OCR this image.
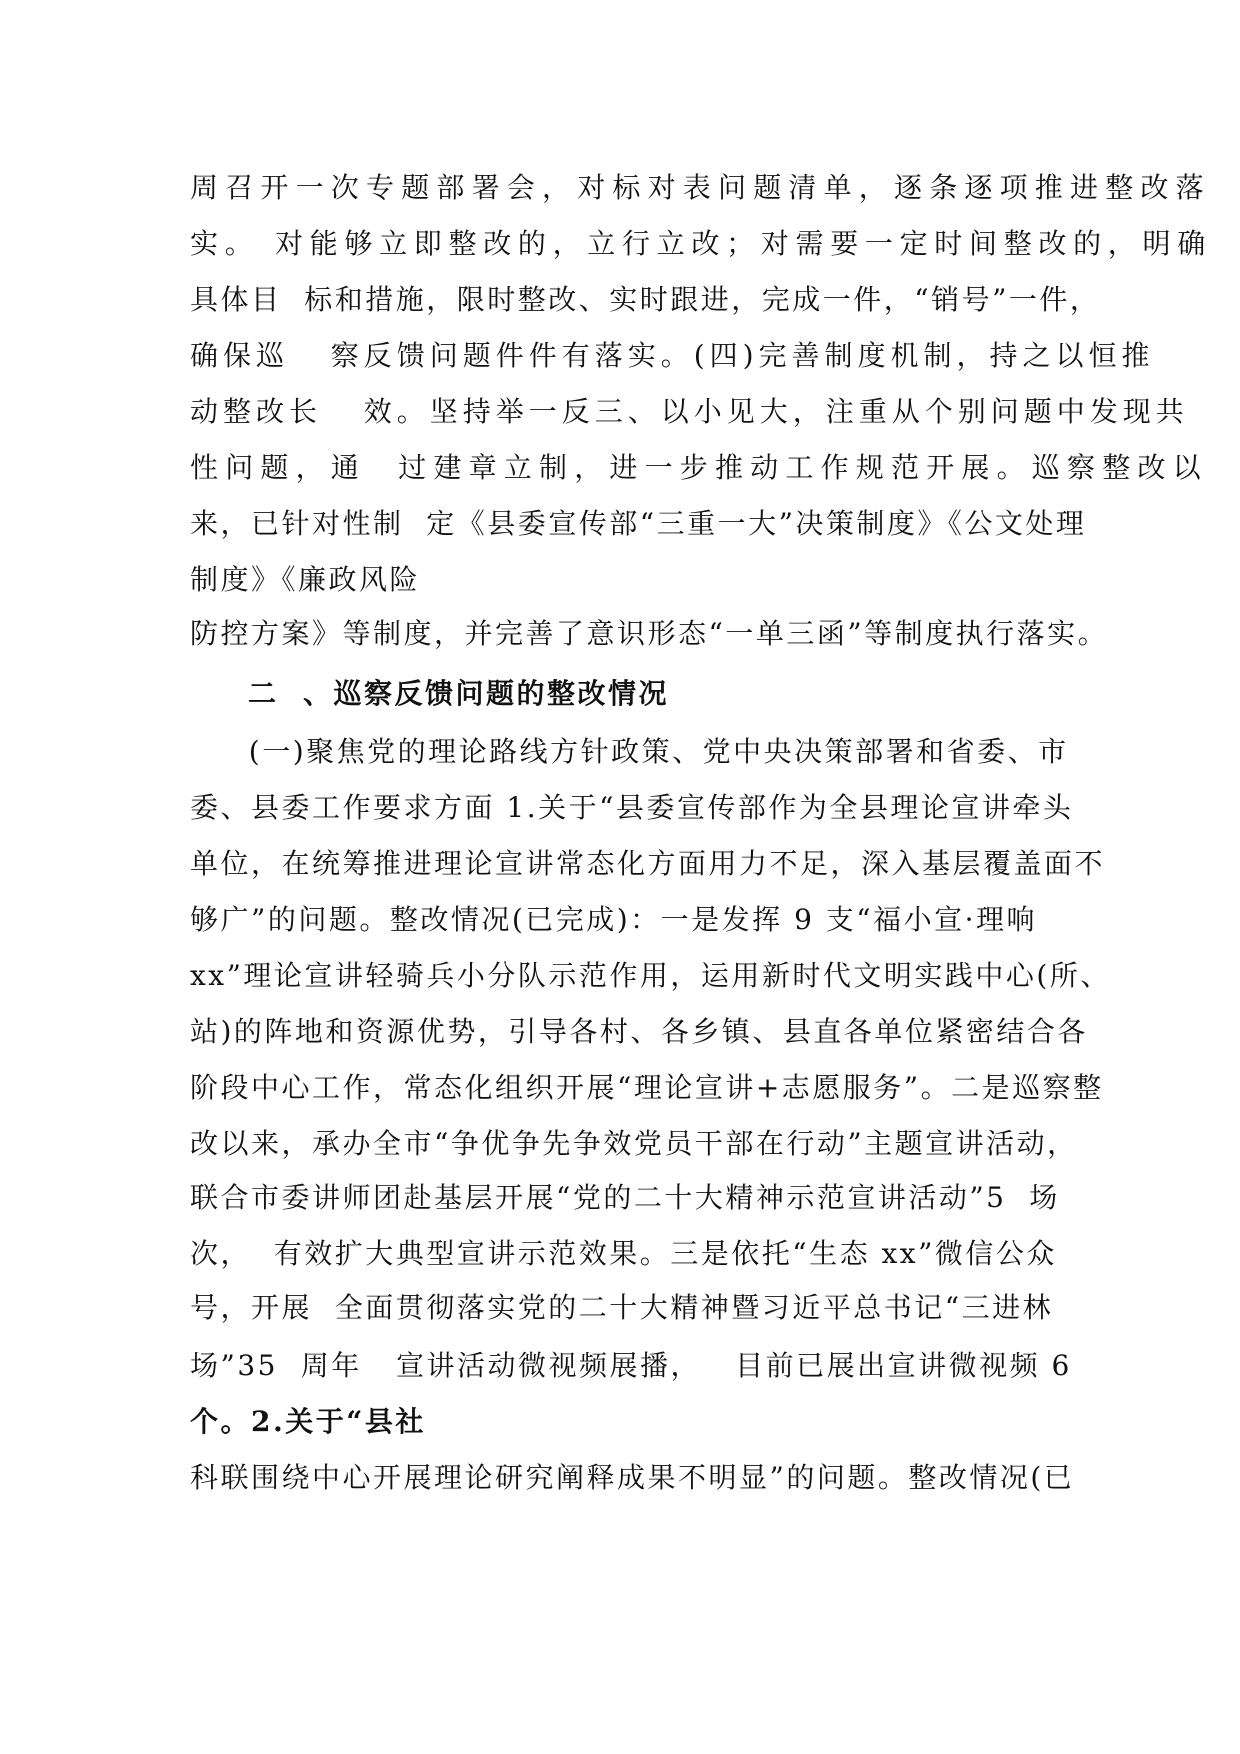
周召开一次专题部署会，对标对表问题清单，逐条逐项推进整改落
实。 对能够立即整改的，立行立改；对需要一定时间整改的，明确
具体目  标和措施，限时整改、实时跟进，完成一件，“销号”一件，
确保巡   察反馈问题件件有落实。(四)完善制度机制，持之以恒推
动整改长   效。坚持举一反三、以小见大，注重从个别问题中发现共
性问题，通  过建章立制，进一步推动工作规范开展。巡察整改以
来，已针对性制  定《县委宣传部“三重一大”决策制度》《公文处理
制度》《廉政风险
防控方案》等制度，并完善了意识形态“一单三函”等制度执行落实。
二  、巡察反馈问题的整改情况
(一)聚焦党的理论路线方针政策、党中央决策部署和省委、市
委、县委工作要求方面 1.关于“县委宣传部作为全县理论宣讲牵头
单位，在统筹推进理论宣讲常态化方面用力不足，深入基层覆盖面不
够广”的问题。整改情况(已完成)：一是发挥 9 支“福小宣·理响
xx”理论宣讲轻骑兵小分队示范作用，运用新时代文明实践中心(所、
站)的阵地和资源优势，引导各村、各乡镇、县直各单位紧密结合各
阶段中心工作，常态化组织开展“理论宣讲+志愿服务”。二是巡察整
改以来，承办全市“争优争先争效党员干部在行动”主题宣讲活动，
联合市委讲师团赴基层开展“党的二十大精神示范宣讲活动”5  场
次，  有效扩大典型宣讲示范效果。三是依托“生态 xx”微信公众
号，开展  全面贯彻落实党的二十大精神暨习近平总书记“三进林
场”35  周年   宣讲活动微视频展播，   目前已展出宣讲微视频 6
个。2.关于“县社
科联围绕中心开展理论研究阐释成果不明显”的问题。整改情况(已
